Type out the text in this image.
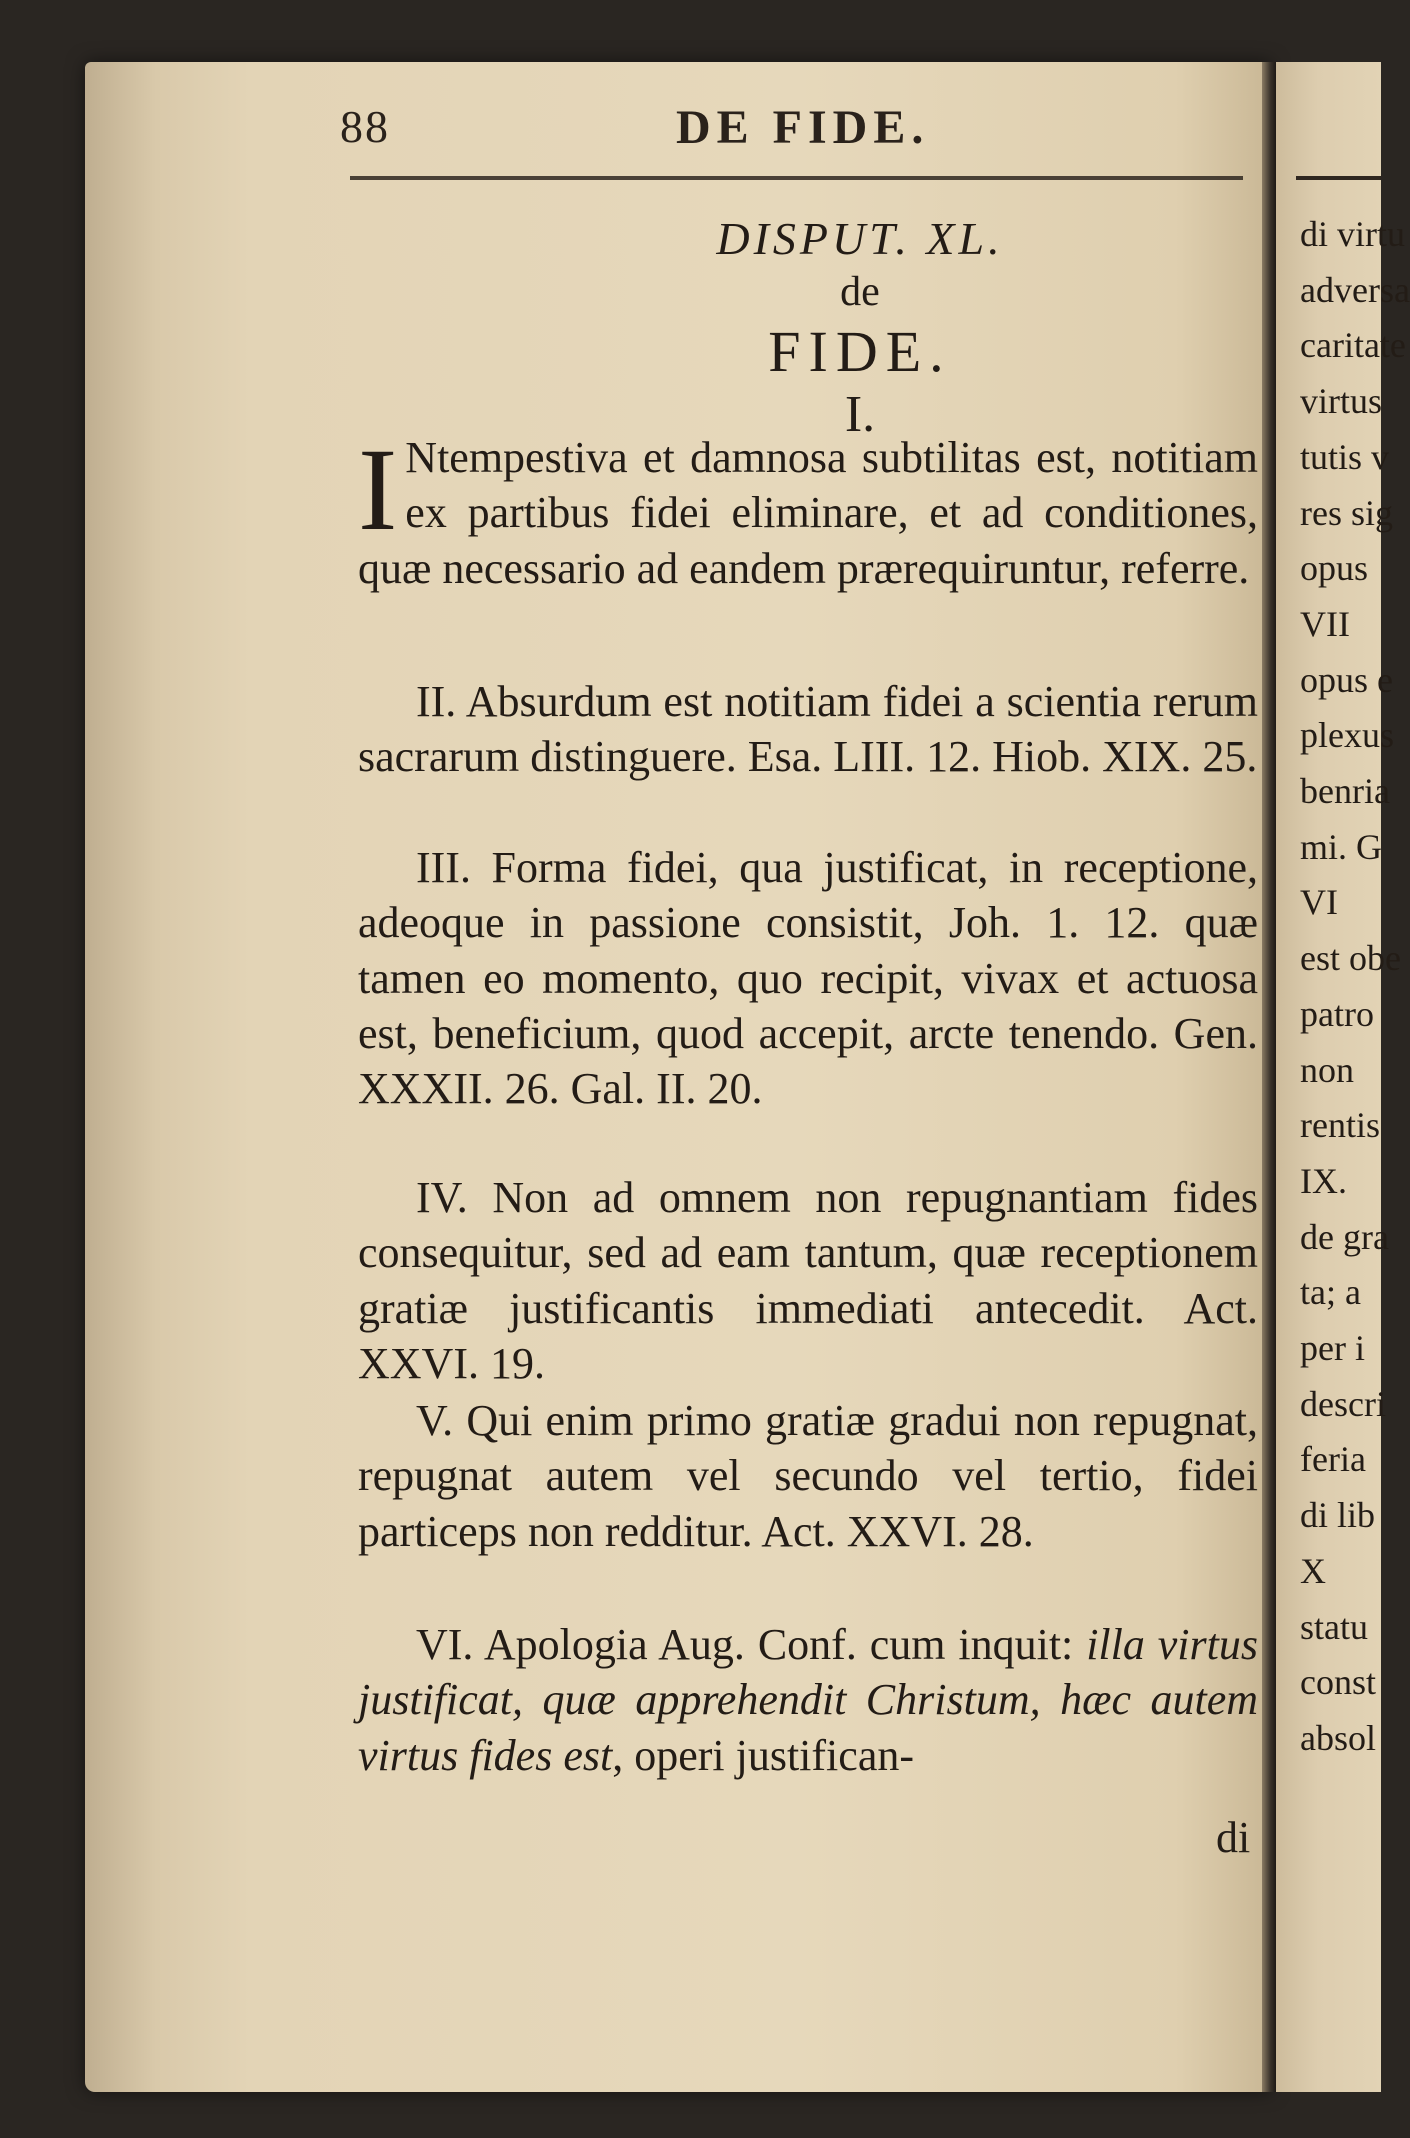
88	DE FIDE.
DISPUT. XL.
de
FIDE.
I.
I Ntempestiva et damnosa subtilitas est, notitiam ex partibus fidei eliminare, et ad conditiones, quæ necessario ad eandem prærequiruntur, referre.
II. Absurdum est notitiam fidei a scientia rerum sacrarum distinguere. Esa. LIII. 12. Hiob. XIX. 25.
III. Forma fidei, qua justificat, in receptione, adeoque in passione consistit, Joh. 1. 12. quæ tamen eo momento, quo recipit, vivax et actuosa est, beneficium, quod accepit, arcte tenendo. Gen. XXXII. 26. Gal. II. 20.
IV. Non ad omnem non repugnantiam fides consequitur, sed ad eam tantum, quæ receptionem gratiæ justificantis immediati antecedit. Act. XXVI. 19.
V. Qui enim primo gratiæ gradui non repugnat, repugnat autem vel secundo vel tertio, fidei particeps non redditur. Act. XXVI. 28.
VI. Apologia Aug. Conf. cum inquit: illa virtus justificat, quæ apprehendit Christum, hæc autem virtus fides est, operi justifican-
di
di virtu
adversa
caritate
virtus
tutis v
res sig
opus
VII
opus e
plexus
benria
mi. G
VI
est obe
patro
non
rentis
IX.
de gra
ta; a
per i
descri
feria
di lib
X
statu
const
absol
